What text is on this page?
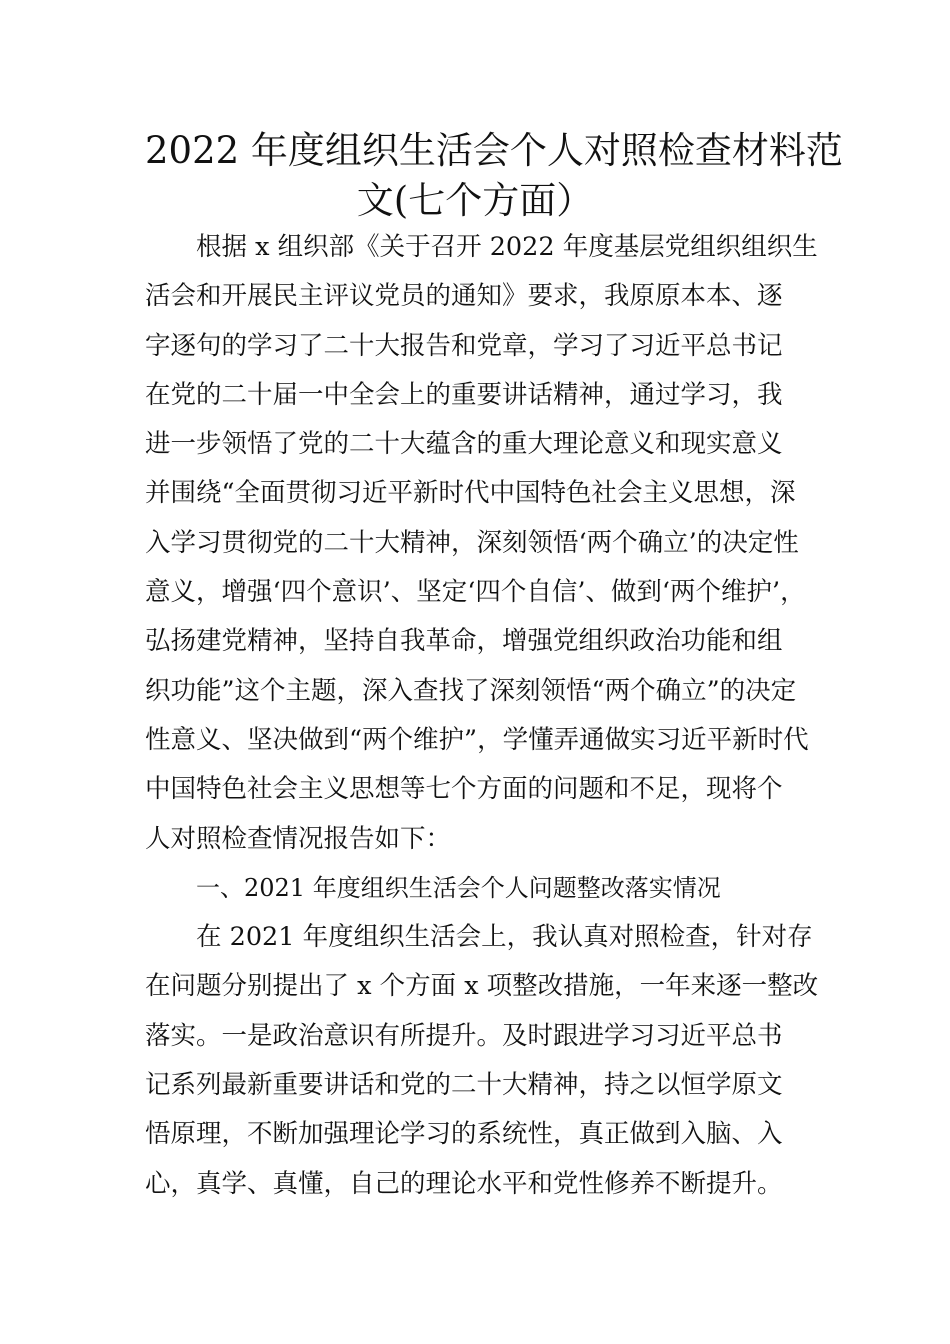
2022 年度组织生活会个人对照检查材料范
文(七个方面）

根据 x 组织部《关于召开 2022 年度基层党组织组织生

活会和开展民主评议党员的通知》要求，我原原本本、逐

字逐句的学习了二十大报告和党章，学习了习近平总书记

在党的二十届一中全会上的重要讲话精神，通过学习，我

进一步领悟了党的二十大蕴含的重大理论意义和现实意义

并围绕“全面贯彻习近平新时代中国特色社会主义思想，深

入学习贯彻党的二十大精神，深刻领悟‘两个确立’的决定性

意义，增强‘四个意识’、坚定‘四个自信’、做到‘两个维护’，

弘扬建党精神，坚持自我革命，增强党组织政治功能和组

织功能”这个主题，深入查找了深刻领悟“两个确立”的决定

性意义、坚决做到“两个维护”，学懂弄通做实习近平新时代

中国特色社会主义思想等七个方面的问题和不足，现将个

人对照检查情况报告如下：

一、2021 年度组织生活会个人问题整改落实情况

在 2021 年度组织生活会上，我认真对照检查，针对存

在问题分别提出了 x 个方面 x 项整改措施，一年来逐一整改

落实。一是政治意识有所提升。及时跟进学习习近平总书

记系列最新重要讲话和党的二十大精神，持之以恒学原文

悟原理，不断加强理论学习的系统性，真正做到入脑、入

心，真学、真懂，自己的理论水平和党性修养不断提升。
